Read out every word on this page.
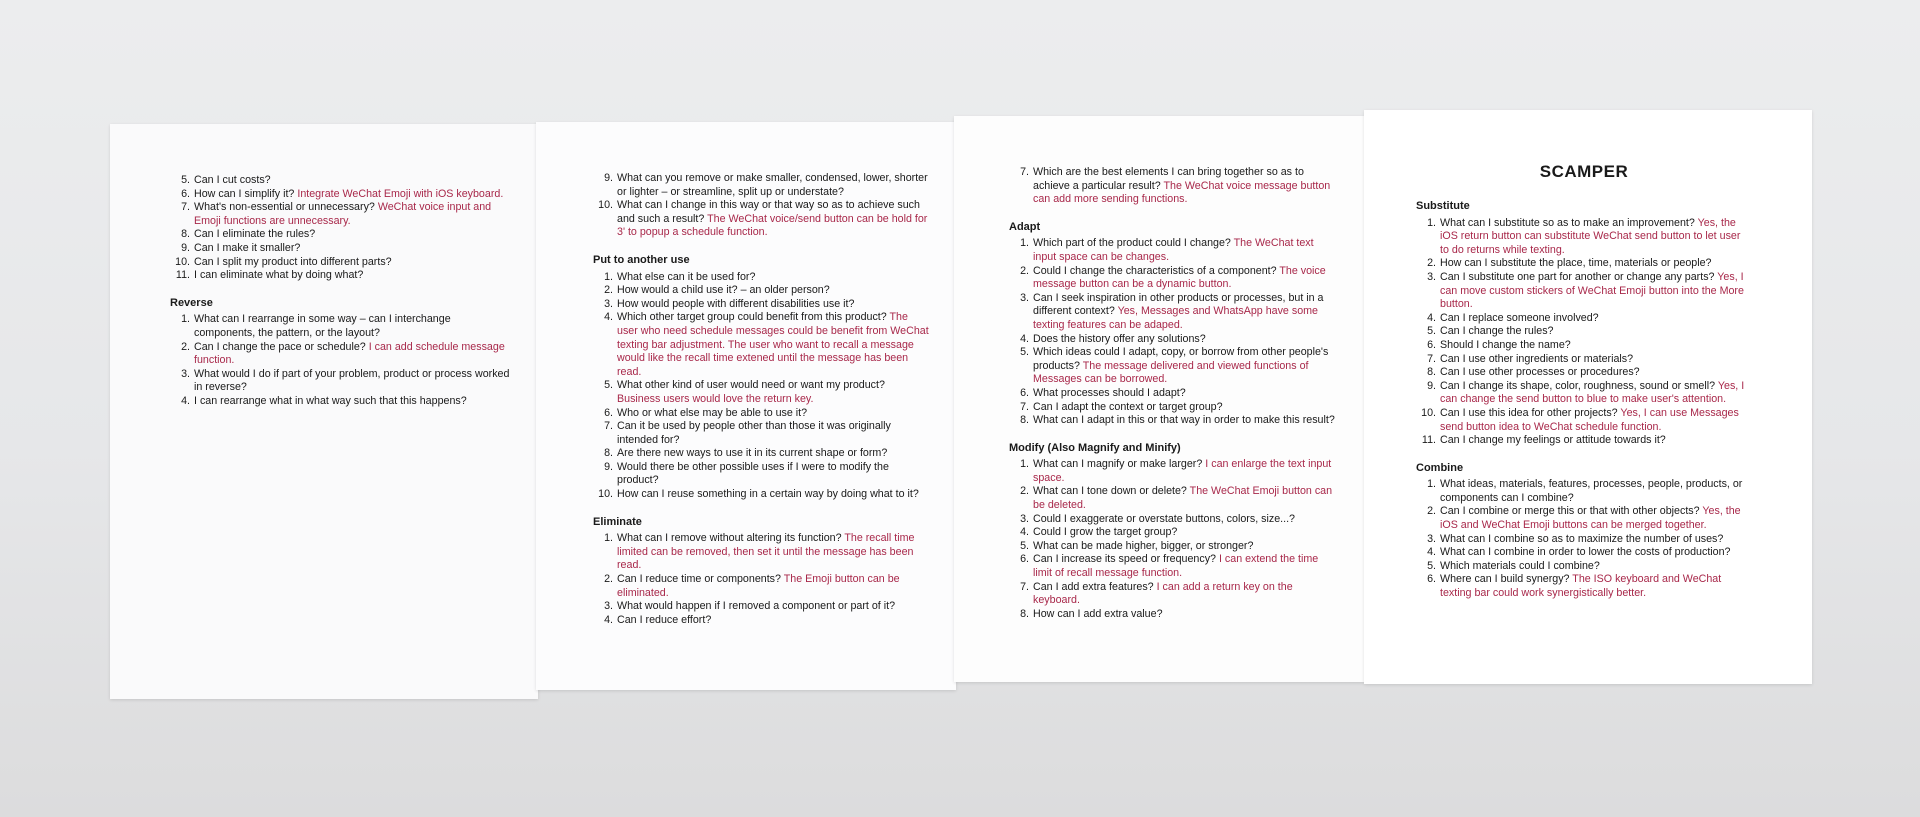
5. Can I cut costs?
6. How can I simplify it? Integrate WeChat Emoji with iOS keyboard.
7. What's non-essential or unnecessary? WeChat voice input and Emoji functions are unnecessary.
8. Can I eliminate the rules?
9. Can I make it smaller?
10. Can I split my product into different parts?
11. I can eliminate what by doing what?
Reverse
1. What can I rearrange in some way – can I interchange components, the pattern, or the layout?
2. Can I change the pace or schedule? I can add schedule message function.
3. What would I do if part of your problem, product or process worked in reverse?
4. I can rearrange what in what way such that this happens?
9. What can you remove or make smaller, condensed, lower, shorter or lighter – or streamline, split up or understate?
10. What can I change in this way or that way so as to achieve such and such a result? The WeChat voice/send button can be hold for 3' to popup a schedule function.
Put to another use
1. What else can it be used for?
2. How would a child use it? – an older person?
3. How would people with different disabilities use it?
4. Which other target group could benefit from this product? The user who need schedule messages could be benefit from WeChat texting bar adjustment. The user who want to recall a message would like the recall time extened until the message has been read.
5. What other kind of user would need or want my product? Business users would love the return key.
6. Who or what else may be able to use it?
7. Can it be used by people other than those it was originally intended for?
8. Are there new ways to use it in its current shape or form?
9. Would there be other possible uses if I were to modify the product?
10. How can I reuse something in a certain way by doing what to it?
Eliminate
1. What can I remove without altering its function? The recall time limited can be removed, then set it until the message has been read.
2. Can I reduce time or components? The Emoji button can be eliminated.
3. What would happen if I removed a component or part of it?
4. Can I reduce effort?
7. Which are the best elements I can bring together so as to achieve a particular result? The WeChat voice message button can add more sending functions.
Adapt
1. Which part of the product could I change? The WeChat text input space can be changes.
2. Could I change the characteristics of a component? The voice message button can be a dynamic button.
3. Can I seek inspiration in other products or processes, but in a different context? Yes, Messages and WhatsApp have some texting features can be adaped.
4. Does the history offer any solutions?
5. Which ideas could I adapt, copy, or borrow from other people's products? The message delivered and viewed functions of Messages can be borrowed.
6. What processes should I adapt?
7. Can I adapt the context or target group?
8. What can I adapt in this or that way in order to make this result?
Modify (Also Magnify and Minify)
1. What can I magnify or make larger? I can enlarge the text input space.
2. What can I tone down or delete? The WeChat Emoji button can be deleted.
3. Could I exaggerate or overstate buttons, colors, size...?
4. Could I grow the target group?
5. What can be made higher, bigger, or stronger?
6. Can I increase its speed or frequency? I can extend the time limit of recall message function.
7. Can I add extra features? I can add a return key on the keyboard.
8. How can I add extra value?
SCAMPER
Substitute
1. What can I substitute so as to make an improvement? Yes, the iOS return button can substitute WeChat send button to let user to do returns while texting.
2. How can I substitute the place, time, materials or people?
3. Can I substitute one part for another or change any parts? Yes, I can move custom stickers of WeChat Emoji button into the More button.
4. Can I replace someone involved?
5. Can I change the rules?
6. Should I change the name?
7. Can I use other ingredients or materials?
8. Can I use other processes or procedures?
9. Can I change its shape, color, roughness, sound or smell? Yes, I can change the send button to blue to make user's attention.
10. Can I use this idea for other projects? Yes, I can use Messages send button idea to WeChat schedule function.
11. Can I change my feelings or attitude towards it?
Combine
1. What ideas, materials, features, processes, people, products, or components can I combine?
2. Can I combine or merge this or that with other objects? Yes, the iOS and WeChat Emoji buttons can be merged together.
3. What can I combine so as to maximize the number of uses?
4. What can I combine in order to lower the costs of production?
5. Which materials could I combine?
6. Where can I build synergy? The ISO keyboard and WeChat texting bar could work synergistically better.
